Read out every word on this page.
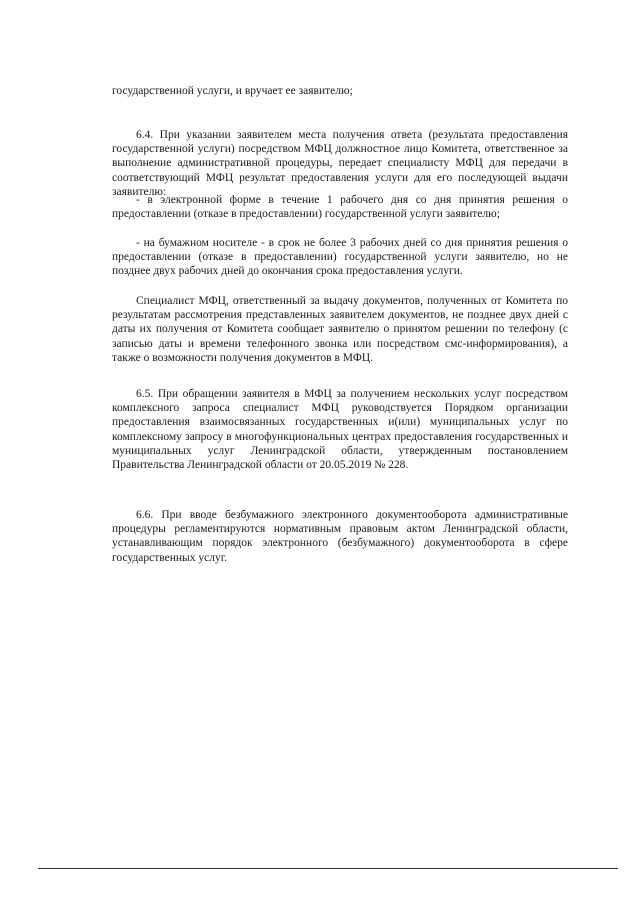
государственной услуги, и вручает ее заявителю;

6.4. При указании заявителем места получения ответа (результата предоставления государственной услуги) посредством МФЦ должностное лицо Комитета, ответственное за выполнение административной процедуры, передает специалисту МФЦ для передачи в соответствующий МФЦ результат предоставления услуги для его последующей выдачи заявителю:

- в электронной форме в течение 1 рабочего дня со дня принятия решения о предоставлении (отказе в предоставлении) государственной услуги заявителю;

- на бумажном носителе - в срок не более 3 рабочих дней со дня принятия решения о предоставлении (отказе в предоставлении) государственной услуги заявителю, но не позднее двух рабочих дней до окончания срока предоставления услуги.

Специалист МФЦ, ответственный за выдачу документов, полученных от Комитета по результатам рассмотрения представленных заявителем документов, не позднее двух дней с даты их получения от Комитета сообщает заявителю о принятом решении по телефону (с записью даты и времени телефонного звонка или посредством смс-информирования), а также о возможности получения документов в МФЦ.

6.5. При обращении заявителя в МФЦ за получением нескольких услуг посредством комплексного запроса специалист МФЦ руководствуется Порядком организации предоставления взаимосвязанных государственных и(или) муниципальных услуг по комплексному запросу в многофункциональных центрах предоставления государственных и муниципальных услуг Ленинградской области, утвержденным постановлением Правительства Ленинградской области от 20.05.2019 № 228.

6.6. При вводе безбумажного электронного документооборота административные процедуры регламентируются нормативным правовым актом Ленинградской области, устанавливающим порядок электронного (безбумажного) документооборота в сфере государственных услуг.
